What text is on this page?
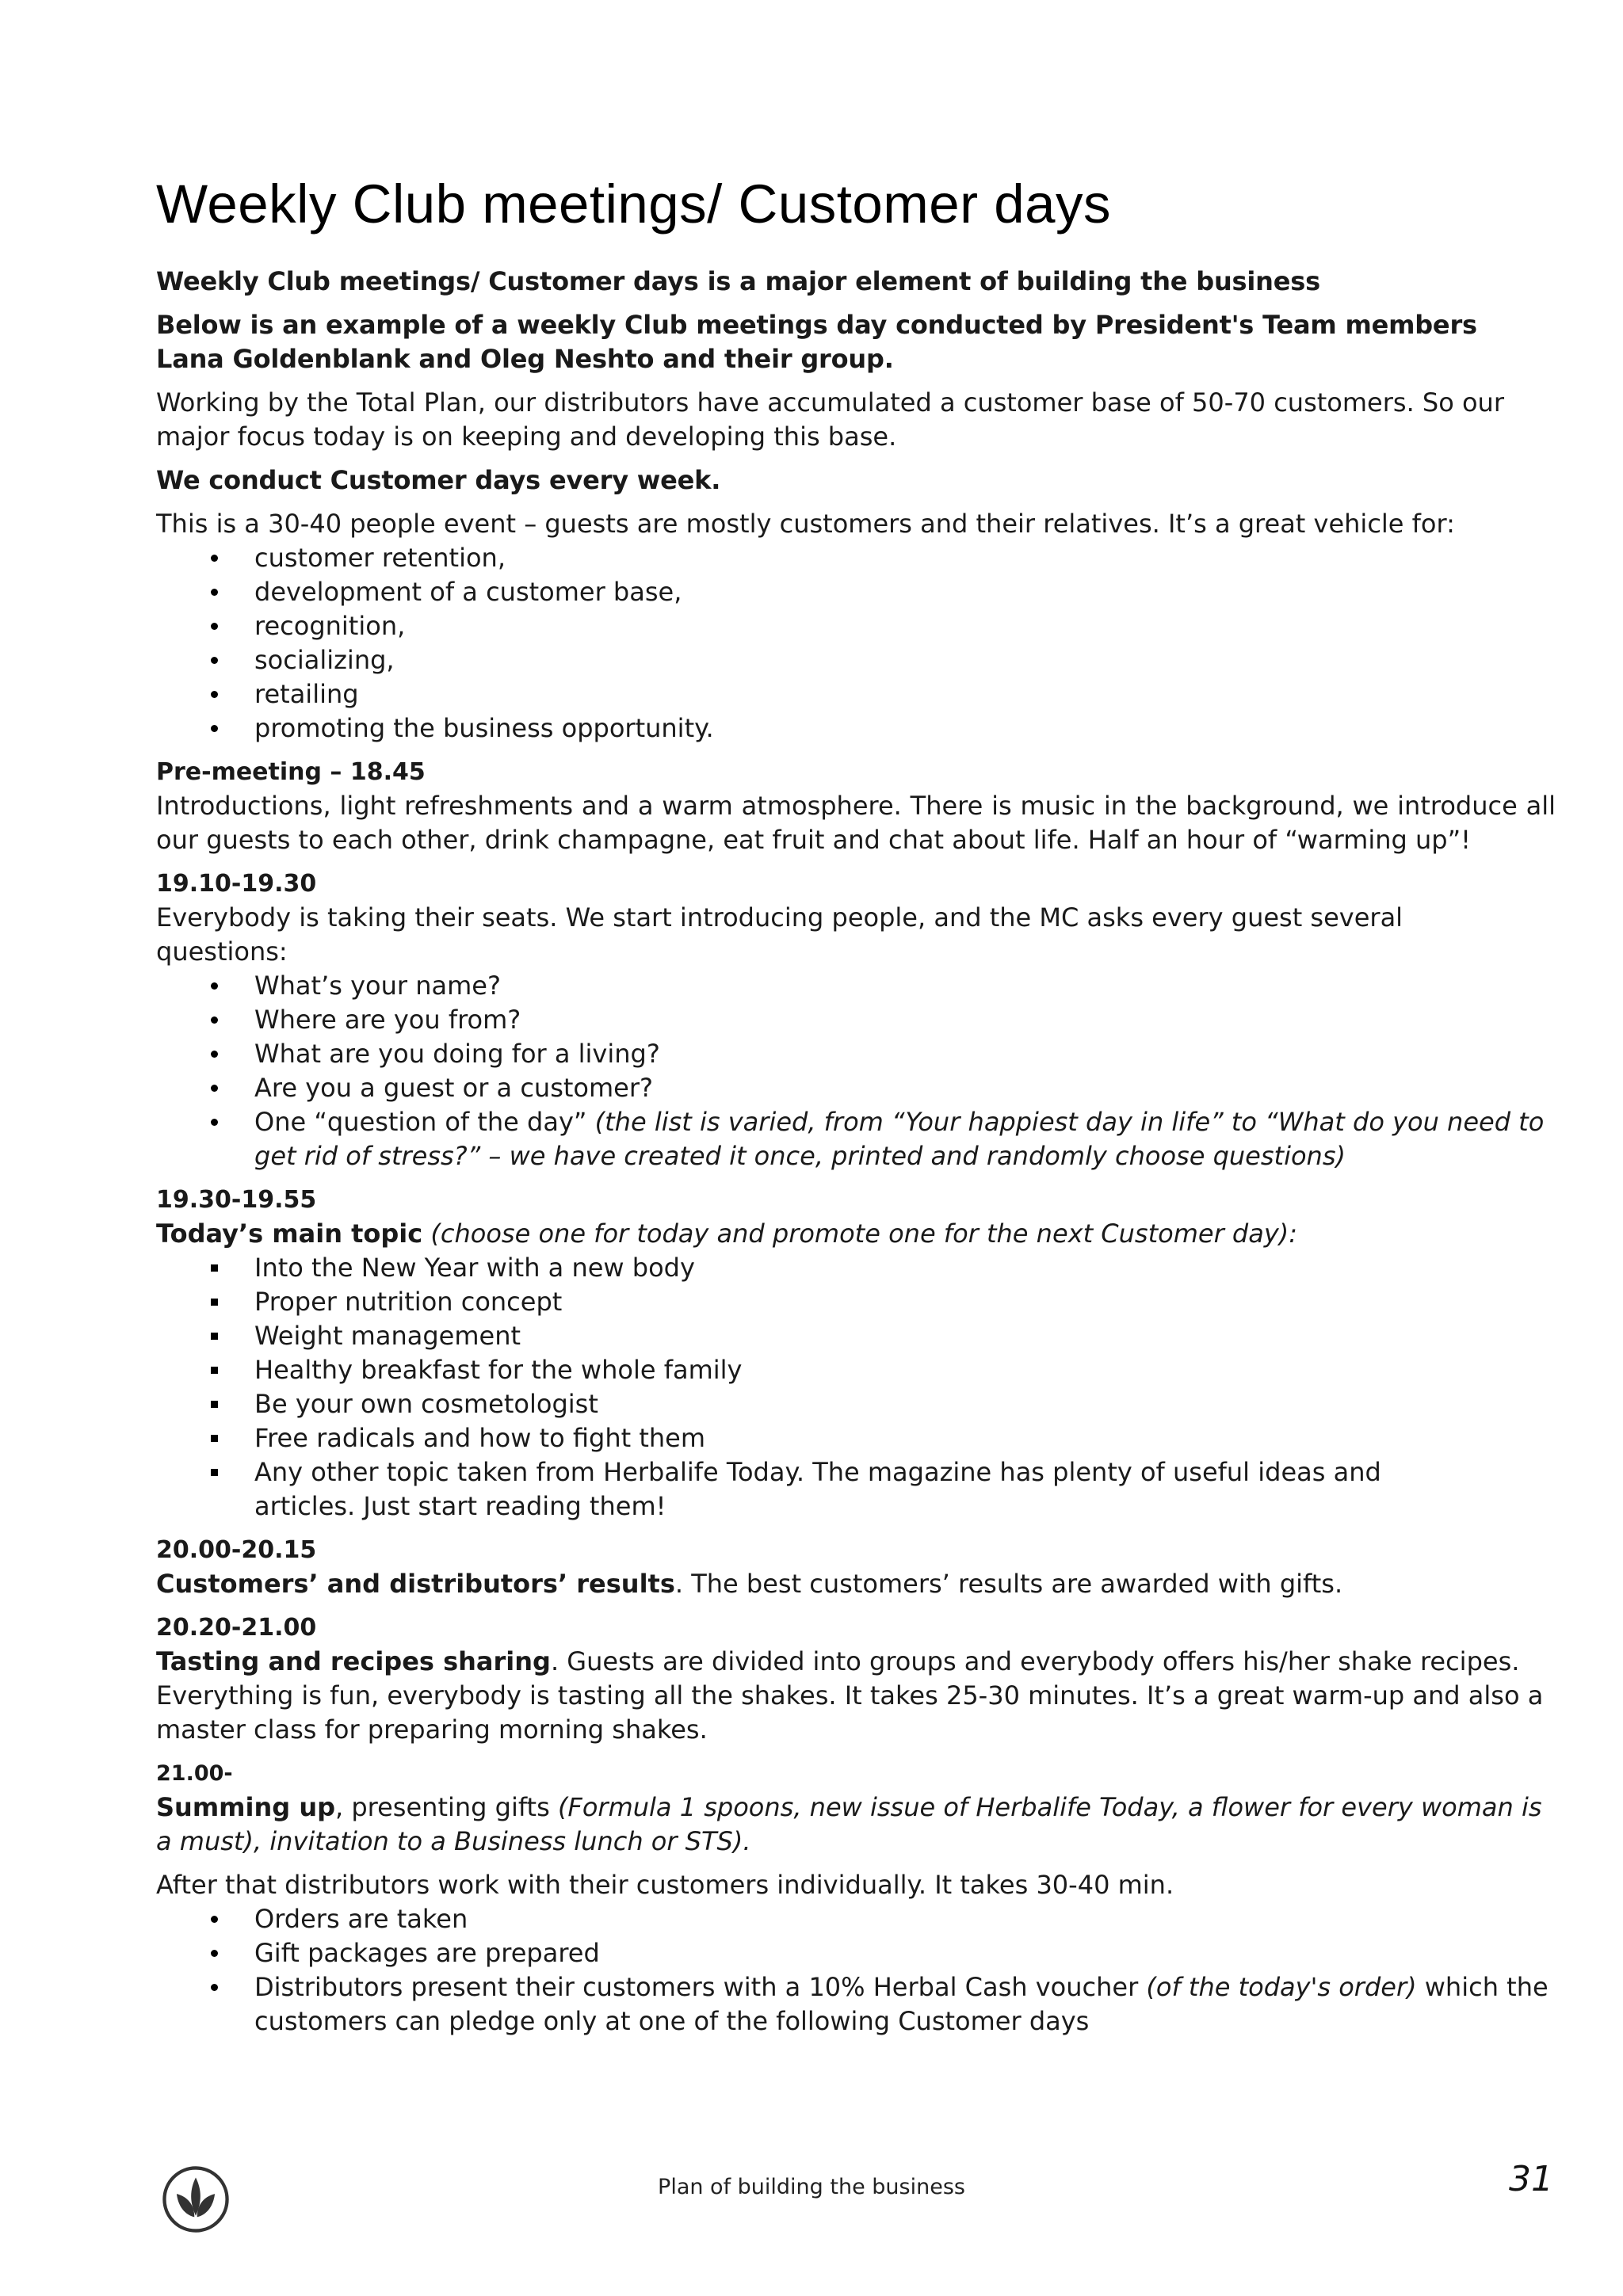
Weekly Club meetings/ Customer days

Weekly Club meetings/ Customer days is a major element of building the business

Below is an example of a weekly Club meetings day conducted by President's Team members

Lana Goldenblank and Oleg Neshto and their group.

Working by the Total Plan, our distributors have accumulated a customer base of 50-70 customers. So our major focus today is on keeping and developing this base.

We conduct Customer days every week.

This is a 30-40 people event – guests are mostly customers and their relatives. It’s a great vehicle for:

customer retention,
development of a customer base,
recognition,
socializing,
retailing
promoting the business opportunity.

Pre-meeting – 18.45

Introductions, light refreshments and a warm atmosphere. There is music in the background, we introduce all our guests to each other, drink champagne, eat fruit and chat about life. Half an hour of “warming up”!

19.10-19.30

Everybody is taking their seats. We start introducing people, and the MC asks every guest several questions:

What’s your name?
Where are you from?
What are you doing for a living?
Are you a guest or a customer?
One “question of the day” (the list is varied, from “Your happiest day in life” to “What do you need to get rid of stress?” – we have created it once, printed and randomly choose questions)

19.30-19.55

Today’s main topic (choose one for today and promote one for the next Customer day):

Into the New Year with a new body
Proper nutrition concept
Weight management
Healthy breakfast for the whole family
Be your own cosmetologist
Free radicals and how to fight them
Any other topic taken from Herbalife Today. The magazine has plenty of useful ideas and articles. Just start reading them!

20.00-20.15

Customers’ and distributors’ results. The best customers’ results are awarded with gifts.

20.20-21.00

Tasting and recipes sharing. Guests are divided into groups and everybody offers his/her shake recipes. Everything is fun, everybody is tasting all the shakes. It takes 25-30 minutes. It’s a great warm-up and also a master class for preparing morning shakes.

21.00-

Summing up, presenting gifts (Formula 1 spoons, new issue of Herbalife Today, a flower for every woman is a must), invitation to a Business lunch or STS).

After that distributors work with their customers individually. It takes 30-40 min.

Orders are taken
Gift packages are prepared
Distributors present their customers with a 10% Herbal Cash voucher (of the today's order) which the customers can pledge only at one of the following Customer days
Plan of building the business	31
